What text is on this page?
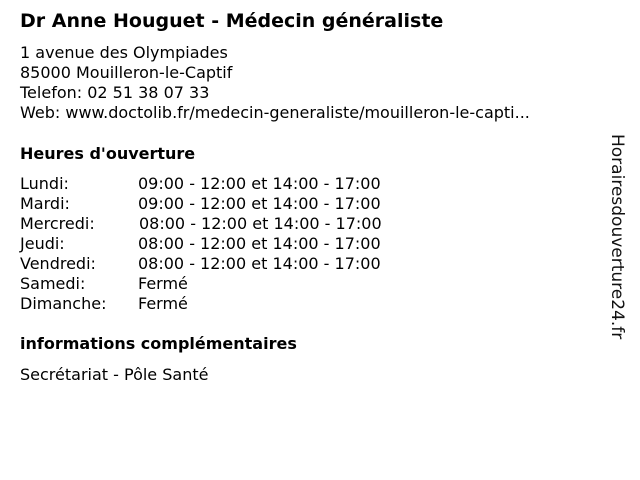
Dr Anne Houguet - Médecin généraliste
1 avenue des Olympiades
85000 Mouilleron-le-Captif
Telefon: 02 51 38 07 33
Web: www.doctolib.fr/medecin-generaliste/mouilleron-le-capti...
Heures d'ouverture
Lundi:	09:00 - 12:00 et 14:00 - 17:00
Mardi:	09:00 - 12:00 et 14:00 - 17:00
Mercredi:	08:00 - 12:00 et 14:00 - 17:00
Jeudi:	08:00 - 12:00 et 14:00 - 17:00
Vendredi:	08:00 - 12:00 et 14:00 - 17:00
Samedi:	Fermé
Dimanche: Fermé
informations complémentaires
Secrétariat - Pôle Santé
Horairesdouverture24.fr
